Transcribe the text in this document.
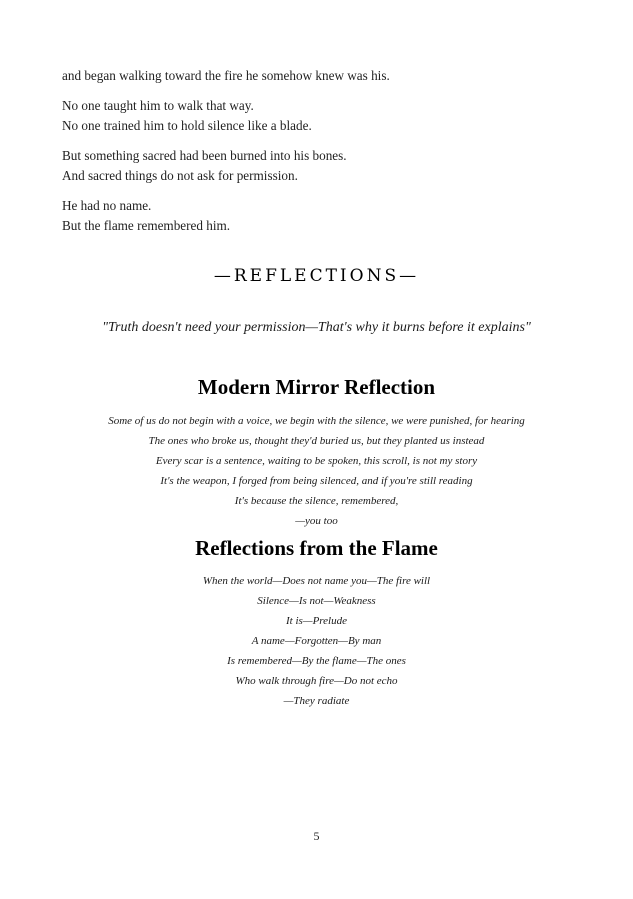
and began walking toward the fire he somehow knew was his.

No one taught him to walk that way.
No one trained him to hold silence like a blade.

But something sacred had been burned into his bones.
And sacred things do not ask for permission.

He had no name.
But the flame remembered him.

—REFLECTIONS—
"Truth doesn't need your permission—That's why it burns before it explains"
Modern Mirror Reflection
Some of us do not begin with a voice, we begin with the silence, we were punished, for hearing
The ones who broke us, thought they'd buried us, but they planted us instead
Every scar is a sentence, waiting to be spoken, this scroll, is not my story
It's the weapon, I forged from being silenced, and if you're still reading
It's because the silence, remembered,
—you too
Reflections from the Flame
When the world—Does not name you—The fire will
Silence—Is not—Weakness
It is—Prelude
A name—Forgotten—By man
Is remembered—By the flame—The ones
Who walk through fire—Do not echo
—They radiate
5
